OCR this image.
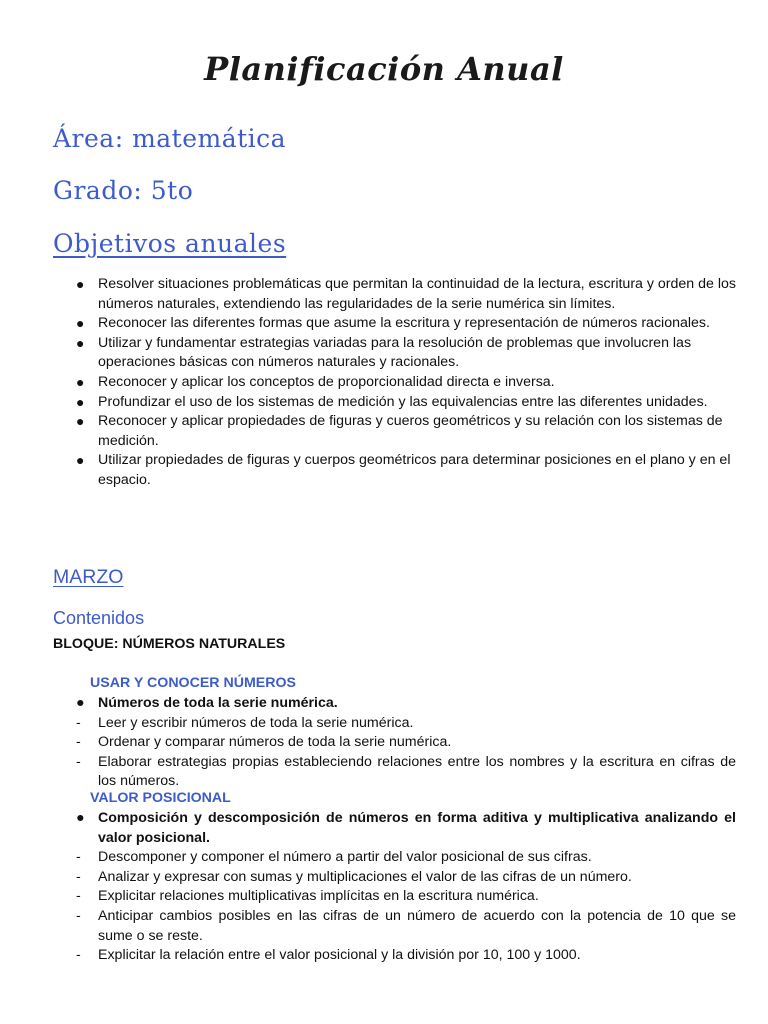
Planificación Anual
Área: matemática
Grado: 5to
Objetivos anuales
● Resolver situaciones problemáticas que permitan la continuidad de la lectura, escritura y orden de los números naturales, extendiendo las regularidades de la serie numérica sin límites.
● Reconocer las diferentes formas que asume la escritura y representación de números racionales.
● Utilizar y fundamentar estrategias variadas para la resolución de problemas que involucren las operaciones básicas con números naturales y racionales.
● Reconocer y aplicar los conceptos de proporcionalidad directa e inversa.
● Profundizar el uso de los sistemas de medición y las equivalencias entre las diferentes unidades.
● Reconocer y aplicar propiedades de figuras y cueros geométricos y su relación con los sistemas de medición.
● Utilizar propiedades de figuras y cuerpos geométricos para determinar posiciones en el plano y en el espacio.
MARZO
Contenidos
BLOQUE: NÚMEROS NATURALES
USAR Y CONOCER NÚMEROS
● Números de toda la serie numérica.
- Leer y escribir números de toda la serie numérica.
- Ordenar y comparar números de toda la serie numérica.
- Elaborar estrategias propias estableciendo relaciones entre los nombres y la escritura en cifras de los números.
VALOR POSICIONAL
● Composición y descomposición de números en forma aditiva y multiplicativa analizando el valor posicional.
- Descomponer y componer el número a partir del valor posicional de sus cifras.
- Analizar y expresar con sumas y multiplicaciones el valor de las cifras de un número.
- Explicitar relaciones multiplicativas implícitas en la escritura numérica.
- Anticipar cambios posibles en las cifras de un número de acuerdo con la potencia de 10 que se sume o se reste.
- Explicitar la relación entre el valor posicional y la división por 10, 100 y 1000.
